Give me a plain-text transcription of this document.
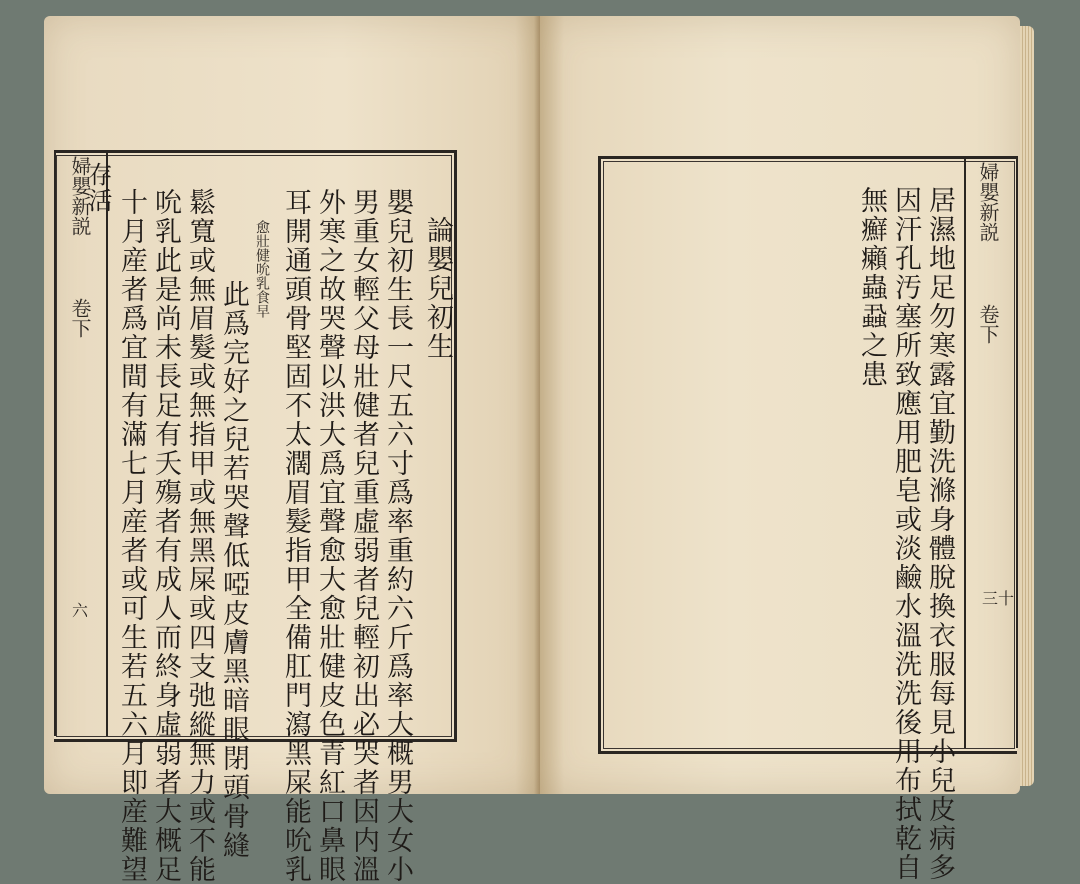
婦嬰新説
卷下
六
論嬰兒初生
嬰兒初生長一尺五六寸爲率重約六斤爲率大概男大女小
男重女輕父母壯健者兒重虛弱者兒輕初出必哭者因内溫
外寒之故哭聲以洪大爲宜聲愈大愈壯健皮色青紅口鼻眼
耳開通頭骨堅固不太濶眉髮指甲全備肛門瀉黑屎能吮乳
愈壯健吮乳食早
此爲完好之兒若哭聲低啞皮膚黑暗眼閉頭骨縫
鬆寬或無眉髮或無指甲或無黑屎或四支弛縱無力或不能
吮乳此是尚未長足有夭殤者有成人而終身虛弱者大概足
十月産者爲宜間有滿七月産者或可生若五六月即産難望
存活	婦嬰新説
卷下
三十
居濕地足勿寒露宜勤洗滌身體脫換衣服每見小兒皮病多
因汗孔汚塞所致應用肥皂或淡鹼水溫洗洗後用布拭乾自
無癬癩蟲蝨之患
